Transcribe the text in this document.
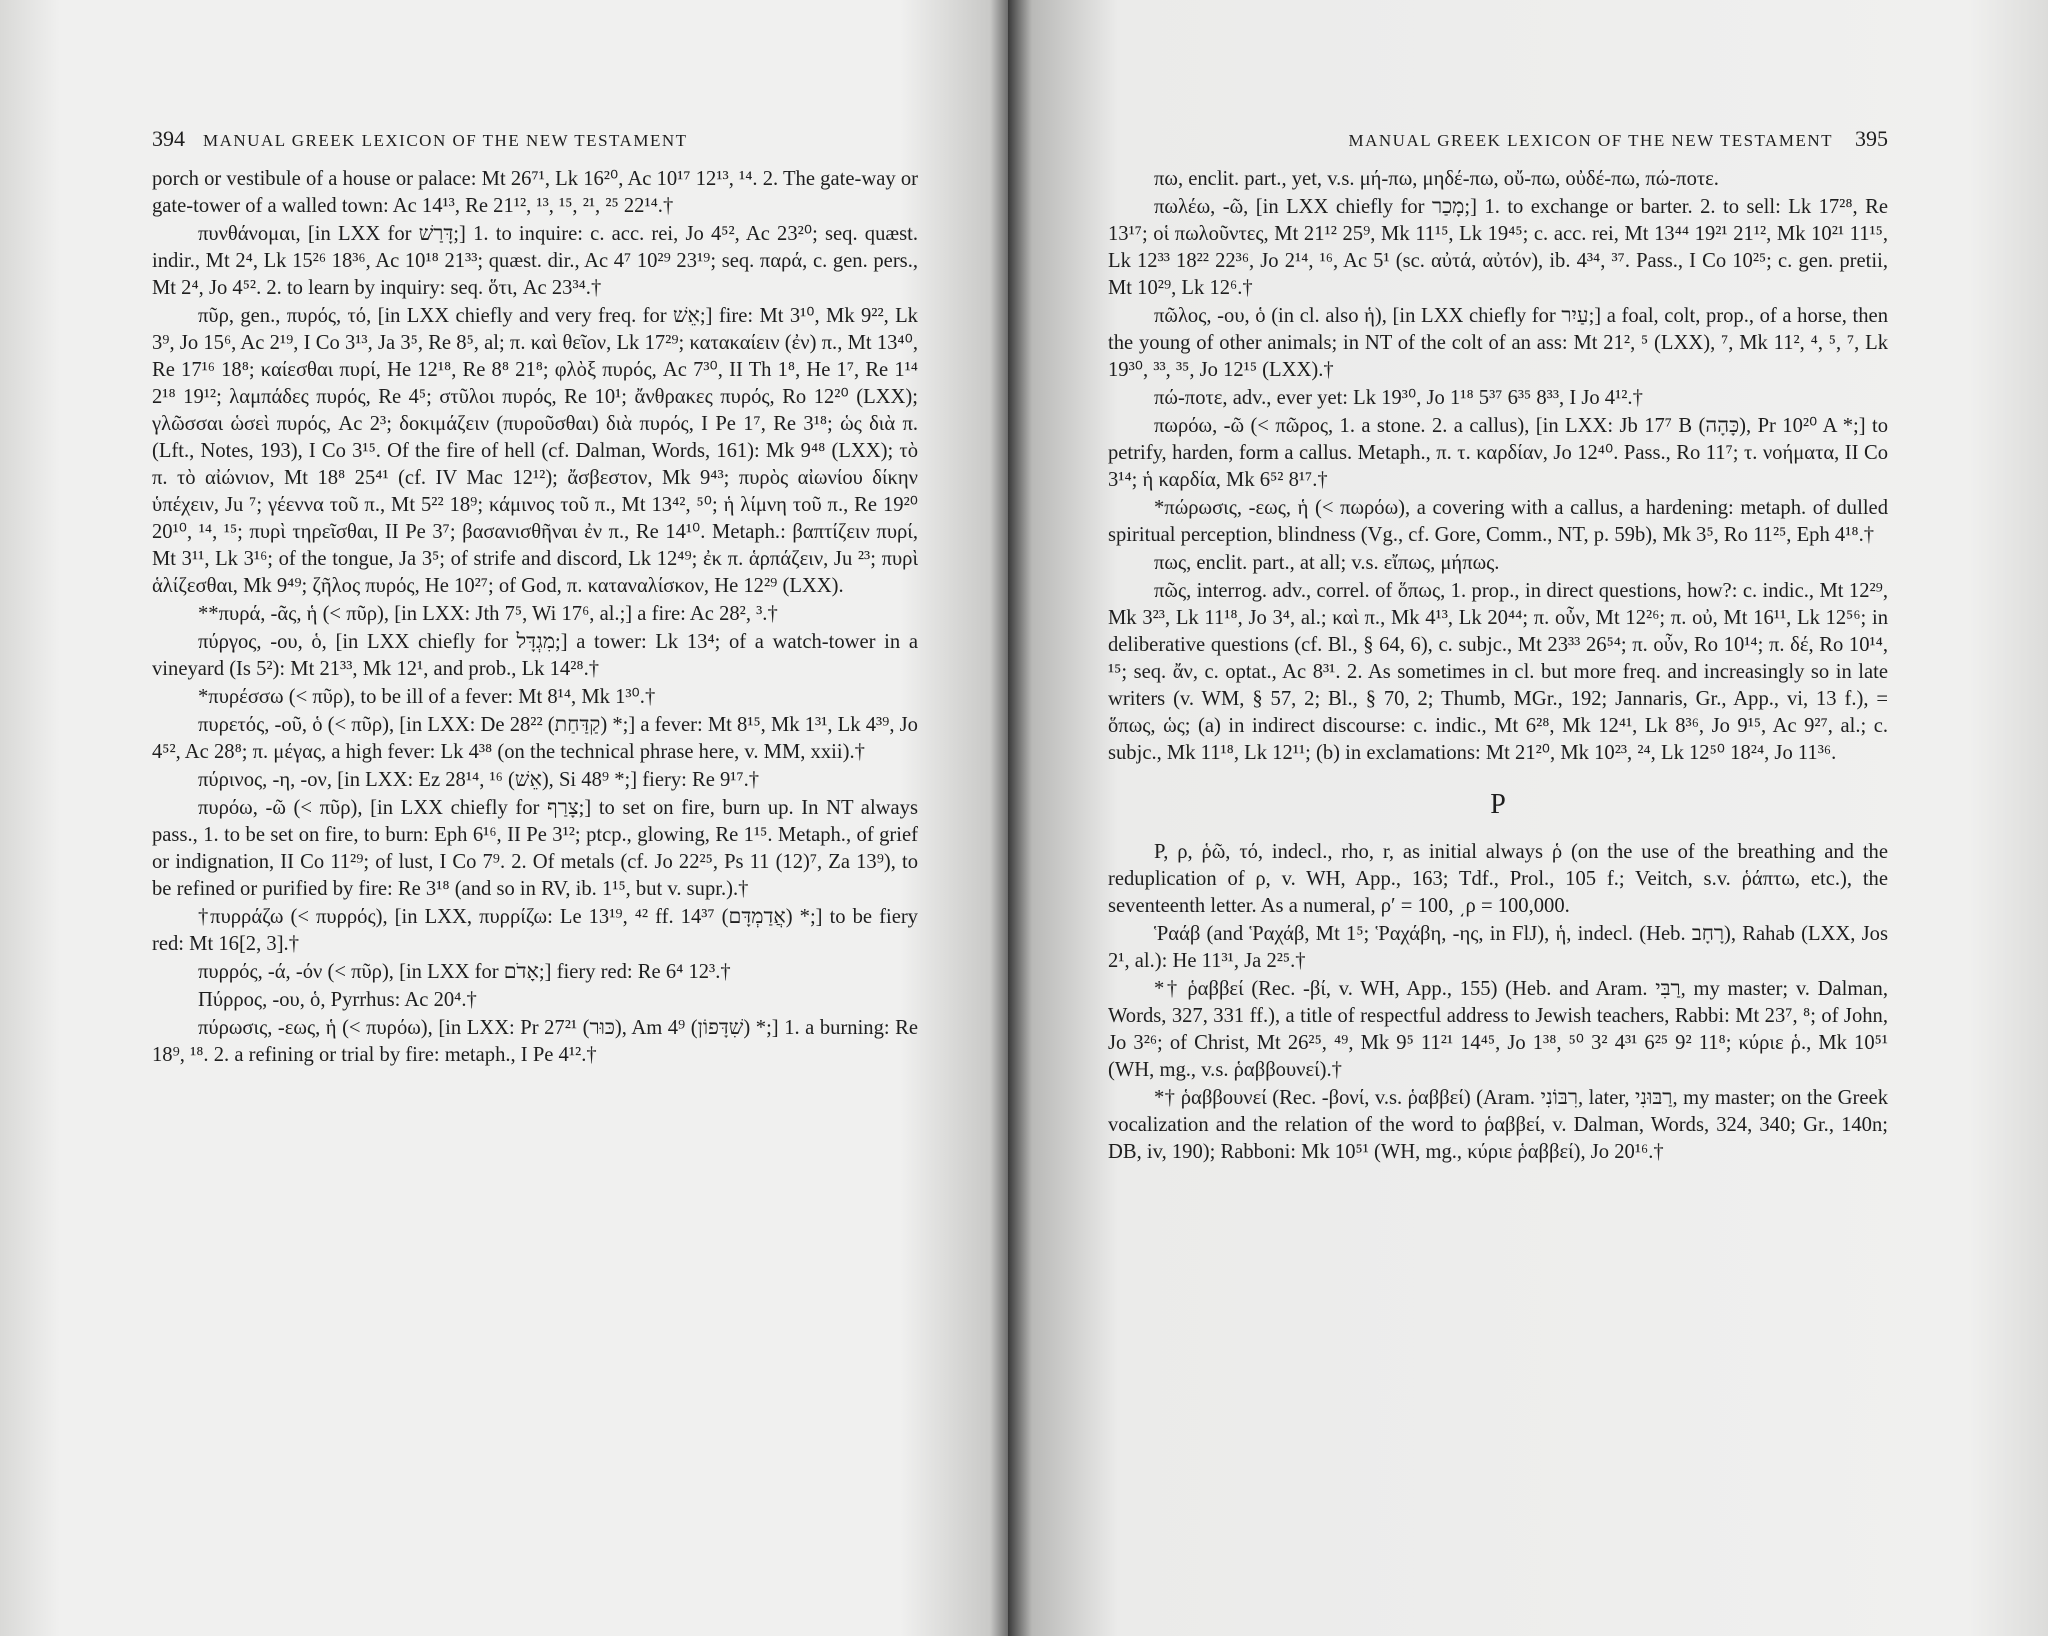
394 MANUAL GREEK LEXICON OF THE NEW TESTAMENT

porch or vestibule of a house or palace: Mt 26⁷¹, Lk 16²⁰, Ac 10¹⁷ 12¹³, ¹⁴. 2. The gate-way or gate-tower of a walled town: Ac 14¹³, Re 21¹², ¹³, ¹⁵, ²¹, ²⁵ 22¹⁴.†

πυνθάνομαι, [in LXX for דָּרַשׁ;] 1. to inquire: c. acc. rei, Jo 4⁵², Ac 23²⁰; seq. quæst. indir., Mt 2⁴, Lk 15²⁶ 18³⁶, Ac 10¹⁸ 21³³; quæst. dir., Ac 4⁷ 10²⁹ 23¹⁹; seq. παρά, c. gen. pers., Mt 2⁴, Jo 4⁵². 2. to learn by inquiry: seq. ὅτι, Ac 23³⁴.†

πῦρ, gen., πυρός, τό, [in LXX chiefly and very freq. for אֵשׁ;] fire: Mt 3¹⁰, Mk 9²², Lk 3⁹, Jo 15⁶, Ac 2¹⁹, I Co 3¹³, Ja 3⁵, Re 8⁵, al; π. καὶ θεῖον, Lk 17²⁹; κατακαίειν (ἐν) π., Mt 13⁴⁰, Re 17¹⁶ 18⁸; καίεσθαι πυρί, He 12¹⁸, Re 8⁸ 21⁸; φλὸξ πυρός, Ac 7³⁰, II Th 1⁸, He 1⁷, Re 1¹⁴ 2¹⁸ 19¹²; λαμπάδες πυρός, Re 4⁵; στῦλοι πυρός, Re 10¹; ἄνθρακες πυρός, Ro 12²⁰ (LXX); γλῶσσαι ὡσεὶ πυρός, Ac 2³; δοκιμάζειν (πυροῦσθαι) διὰ πυρός, I Pe 1⁷, Re 3¹⁸; ὡς διὰ π. (Lft., Notes, 193), I Co 3¹⁵. Of the fire of hell (cf. Dalman, Words, 161): Mk 9⁴⁸ (LXX); τὸ π. τὸ αἰώνιον, Mt 18⁸ 25⁴¹ (cf. IV Mac 12¹²); ἄσβεστον, Mk 9⁴³; πυρὸς αἰωνίου δίκην ὑπέχειν, Ju ⁷; γέεννα τοῦ π., Mt 5²² 18⁹; κάμινος τοῦ π., Mt 13⁴², ⁵⁰; ἡ λίμνη τοῦ π., Re 19²⁰ 20¹⁰, ¹⁴, ¹⁵; πυρὶ τηρεῖσθαι, II Pe 3⁷; βασανισθῆναι ἐν π., Re 14¹⁰. Metaph.: βαπτίζειν πυρί, Mt 3¹¹, Lk 3¹⁶; of the tongue, Ja 3⁵; of strife and discord, Lk 12⁴⁹; ἐκ π. ἁρπάζειν, Ju ²³; πυρὶ ἁλίζεσθαι, Mk 9⁴⁹; ζῆλος πυρός, He 10²⁷; of God, π. καταναλίσκον, He 12²⁹ (LXX).

**πυρά, -ᾶς, ἡ (< πῦρ), [in LXX: Jth 7⁵, Wi 17⁶, al.;] a fire: Ac 28², ³.†

πύργος, -ου, ὁ, [in LXX chiefly for מִגְדָּל;] a tower: Lk 13⁴; of a watch-tower in a vineyard (Is 5²): Mt 21³³, Mk 12¹, and prob., Lk 14²⁸.†

*πυρέσσω (< πῦρ), to be ill of a fever: Mt 8¹⁴, Mk 1³⁰.†

πυρετός, -οῦ, ὁ (< πῦρ), [in LXX: De 28²² (קַדַּחַת) *;] a fever: Mt 8¹⁵, Mk 1³¹, Lk 4³⁹, Jo 4⁵², Ac 28⁸; π. μέγας, a high fever: Lk 4³⁸ (on the technical phrase here, v. MM, xxii).†

πύρινος, -η, -ον, [in LXX: Ez 28¹⁴, ¹⁶ (אֵשׁ), Si 48⁹ *;] fiery: Re 9¹⁷.†

πυρόω, -ῶ (< πῦρ), [in LXX chiefly for צָרַף;] to set on fire, burn up. In NT always pass., 1. to be set on fire, to burn: Eph 6¹⁶, II Pe 3¹²; ptcp., glowing, Re 1¹⁵. Metaph., of grief or indignation, II Co 11²⁹; of lust, I Co 7⁹. 2. Of metals (cf. Jo 22²⁵, Ps 11 (12)⁷, Za 13⁹), to be refined or purified by fire: Re 3¹⁸ (and so in RV, ib. 1¹⁵, but v. supr.).†

†πυρράζω (< πυρρός), [in LXX, πυρρίζω: Le 13¹⁹, ⁴² ff. 14³⁷ (אֲדַמְדָּם) *;] to be fiery red: Mt 16[2, 3].†

πυρρός, -ά, -όν (< πῦρ), [in LXX for אָדֹם;] fiery red: Re 6⁴ 12³.†

Πύρρος, -ου, ὁ, Pyrrhus: Ac 20⁴.†

πύρωσις, -εως, ἡ (< πυρόω), [in LXX: Pr 27²¹ (כּוּר), Am 4⁹ (שִׁדָּפוֹן) *;] 1. a burning: Re 18⁹, ¹⁸. 2. a refining or trial by fire: metaph., I Pe 4¹².†

MANUAL GREEK LEXICON OF THE NEW TESTAMENT 395

πω, enclit. part., yet, v.s. μή-πω, μηδέ-πω, οὔ-πω, οὐδέ-πω, πώ-ποτε.

πωλέω, -ῶ, [in LXX chiefly for מָכַר;] 1. to exchange or barter. 2. to sell: Lk 17²⁸, Re 13¹⁷; οἱ πωλοῦντες, Mt 21¹² 25⁹, Mk 11¹⁵, Lk 19⁴⁵; c. acc. rei, Mt 13⁴⁴ 19²¹ 21¹², Mk 10²¹ 11¹⁵, Lk 12³³ 18²² 22³⁶, Jo 2¹⁴, ¹⁶, Ac 5¹ (sc. αὐτά, αὐτόν), ib. 4³⁴, ³⁷. Pass., I Co 10²⁵; c. gen. pretii, Mt 10²⁹, Lk 12⁶.†

πῶλος, -ου, ὁ (in cl. also ἡ), [in LXX chiefly for עַיִר;] a foal, colt, prop., of a horse, then the young of other animals; in NT of the colt of an ass: Mt 21², ⁵ (LXX), ⁷, Mk 11², ⁴, ⁵, ⁷, Lk 19³⁰, ³³, ³⁵, Jo 12¹⁵ (LXX).†

πώ-ποτε, adv., ever yet: Lk 19³⁰, Jo 1¹⁸ 5³⁷ 6³⁵ 8³³, I Jo 4¹².†

πωρόω, -ῶ (< πῶρος, 1. a stone. 2. a callus), [in LXX: Jb 17⁷ B (כָּהָה), Pr 10²⁰ A *;] to petrify, harden, form a callus. Metaph., π. τ. καρδίαν, Jo 12⁴⁰. Pass., Ro 11⁷; τ. νοήματα, II Co 3¹⁴; ἡ καρδία, Mk 6⁵² 8¹⁷.†

*πώρωσις, -εως, ἡ (< πωρόω), a covering with a callus, a hardening: metaph. of dulled spiritual perception, blindness (Vg., cf. Gore, Comm., NT, p. 59b), Mk 3⁵, Ro 11²⁵, Eph 4¹⁸.†

πως, enclit. part., at all; v.s. εἴπως, μήπως.

πῶς, interrog. adv., correl. of ὅπως, 1. prop., in direct questions, how?: c. indic., Mt 12²⁹, Mk 3²³, Lk 11¹⁸, Jo 3⁴, al.; καὶ π., Mk 4¹³, Lk 20⁴⁴; π. οὖν, Mt 12²⁶; π. οὐ, Mt 16¹¹, Lk 12⁵⁶; in deliberative questions (cf. Bl., § 64, 6), c. subjc., Mt 23³³ 26⁵⁴; π. οὖν, Ro 10¹⁴; π. δέ, Ro 10¹⁴, ¹⁵; seq. ἄν, c. optat., Ac 8³¹. 2. As sometimes in cl. but more freq. and increasingly so in late writers (v. WM, § 57, 2; Bl., § 70, 2; Thumb, MGr., 192; Jannaris, Gr., App., vi, 13 f.), = ὅπως, ὡς; (a) in indirect discourse: c. indic., Mt 6²⁸, Mk 12⁴¹, Lk 8³⁶, Jo 9¹⁵, Ac 9²⁷, al.; c. subjc., Mk 11¹⁸, Lk 12¹¹; (b) in exclamations: Mt 21²⁰, Mk 10²³, ²⁴, Lk 12⁵⁰ 18²⁴, Jo 11³⁶.

P

Ρ, ρ, ῥῶ, τό, indecl., rho, r, as initial always ῥ (on the use of the breathing and the reduplication of ρ, v. WH, App., 163; Tdf., Prol., 105 f.; Veitch, s.v. ῥάπτω, etc.), the seventeenth letter. As a numeral, ρʹ = 100, ͵ρ = 100,000.

Ῥαάβ (and Ῥαχάβ, Mt 1⁵; Ῥαχάβη, -ης, in FlJ), ἡ, indecl. (Heb. רָחָב), Rahab (LXX, Jos 2¹, al.): He 11³¹, Ja 2²⁵.†

*† ῥαββεί (Rec. -βί, v. WH, App., 155) (Heb. and Aram. רַבִּי, my master; v. Dalman, Words, 327, 331 ff.), a title of respectful address to Jewish teachers, Rabbi: Mt 23⁷, ⁸; of John, Jo 3²⁶; of Christ, Mt 26²⁵, ⁴⁹, Mk 9⁵ 11²¹ 14⁴⁵, Jo 1³⁸, ⁵⁰ 3² 4³¹ 6²⁵ 9² 11⁸; κύριε ῥ., Mk 10⁵¹ (WH, mg., v.s. ῥαββουνεί).†

*† ῥαββουνεί (Rec. -βονί, v.s. ῥαββεί) (Aram. רִבּוֹנִי, later, רַבּוּנִי, my master; on the Greek vocalization and the relation of the word to ῥαββεί, v. Dalman, Words, 324, 340; Gr., 140n; DB, iv, 190); Rabboni: Mk 10⁵¹ (WH, mg., κύριε ῥαββεί), Jo 20¹⁶.†
